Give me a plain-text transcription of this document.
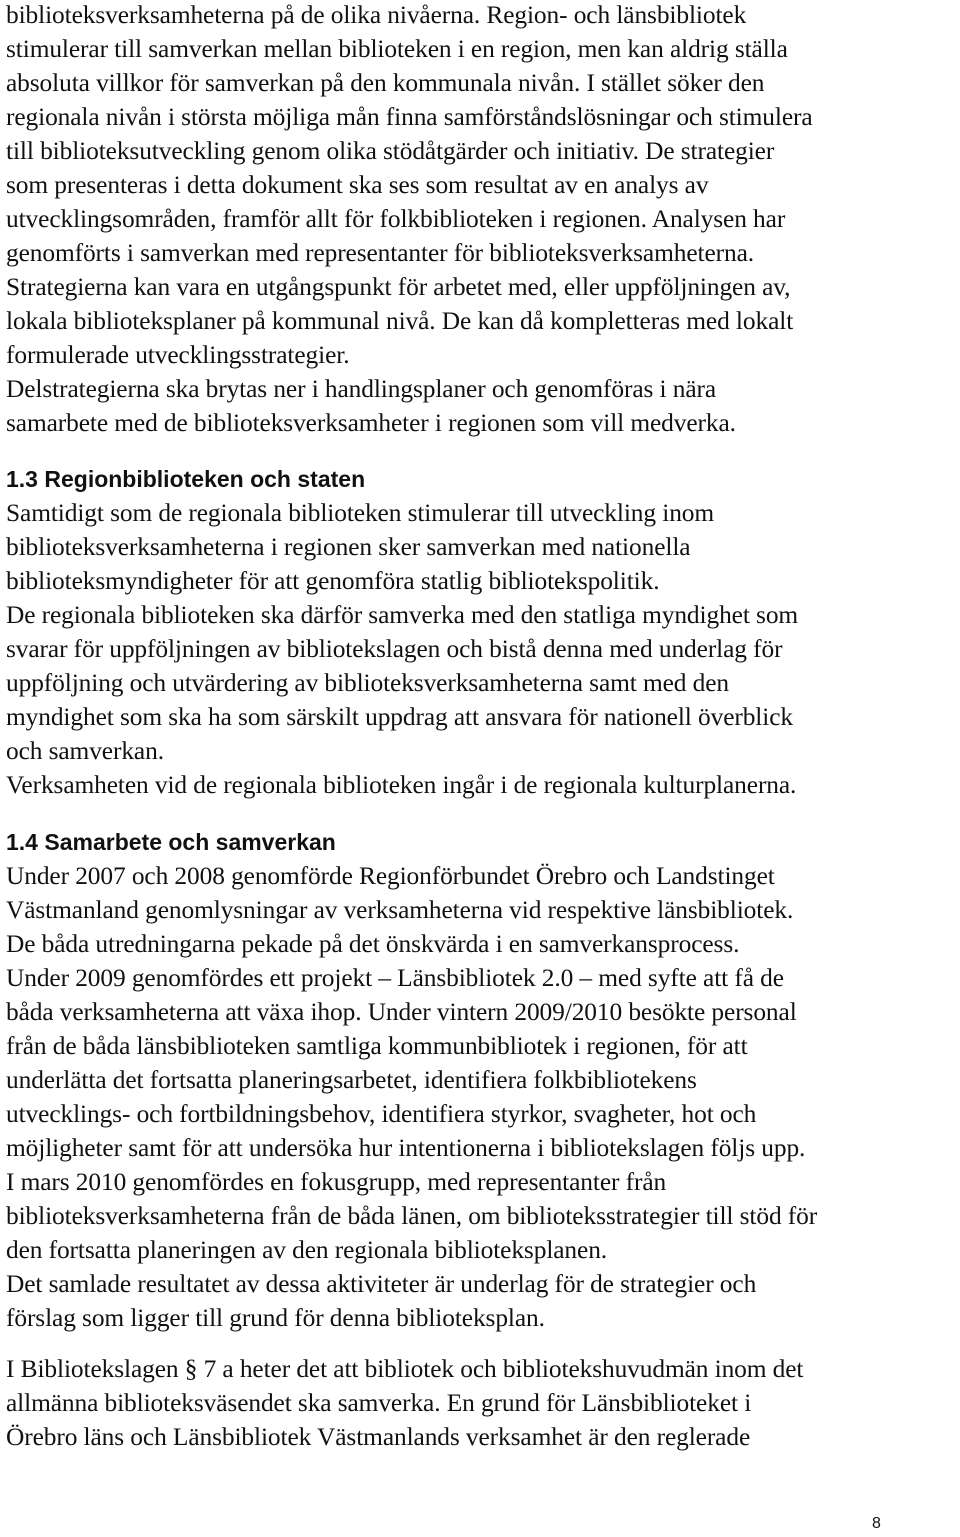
biblioteksverksamheterna på de olika nivåerna. Region- och länsbibliotek
stimulerar till samverkan mellan biblioteken i en region, men kan aldrig ställa
absoluta villkor för samverkan på den kommunala nivån. I stället söker den
regionala nivån i största möjliga mån finna samförståndslösningar och stimulera
till biblioteksutveckling genom olika stödåtgärder och initiativ. De strategier
som presenteras i detta dokument ska ses som resultat av en analys av
utvecklingsområden, framför allt för folkbiblioteken i regionen. Analysen har
genomförts i samverkan med representanter för biblioteksverksamheterna.
Strategierna kan vara en utgångspunkt för arbetet med, eller uppföljningen av,
lokala biblioteksplaner på kommunal nivå. De kan då kompletteras med lokalt
formulerade utvecklingsstrategier.
Delstrategierna ska brytas ner i handlingsplaner och genomföras i nära
samarbete med de biblioteksverksamheter i regionen som vill medverka.

1.3 Regionbiblioteken och staten

Samtidigt som de regionala biblioteken stimulerar till utveckling inom
biblioteksverksamheterna i regionen sker samverkan med nationella
biblioteksmyndigheter för att genomföra statlig bibliotekspolitik.
De regionala biblioteken ska därför samverka med den statliga myndighet som
svarar för uppföljningen av bibliotekslagen och bistå denna med underlag för
uppföljning och utvärdering av biblioteksverksamheterna samt med den
myndighet som ska ha som särskilt uppdrag att ansvara för nationell överblick
och samverkan.
Verksamheten vid de regionala biblioteken ingår i de regionala kulturplanerna.

1.4 Samarbete och samverkan

Under 2007 och 2008 genomförde Regionförbundet Örebro och Landstinget
Västmanland genomlysningar av verksamheterna vid respektive länsbibliotek.
De båda utredningarna pekade på det önskvärda i en samverkansprocess.
Under 2009 genomfördes ett projekt – Länsbibliotek 2.0 – med syfte att få de
båda verksamheterna att växa ihop. Under vintern 2009/2010 besökte personal
från de båda länsbiblioteken samtliga kommunbibliotek i regionen, för att
underlätta det fortsatta planeringsarbetet, identifiera folkbibliotekens
utvecklings- och fortbildningsbehov, identifiera styrkor, svagheter, hot och
möjligheter samt för att undersöka hur intentionerna i bibliotekslagen följs upp.
I mars 2010 genomfördes en fokusgrupp, med representanter från
biblioteksverksamheterna från de båda länen, om biblioteksstrategier till stöd för
den fortsatta planeringen av den regionala biblioteksplanen.
Det samlade resultatet av dessa aktiviteter är underlag för de strategier och
förslag som ligger till grund för denna biblioteksplan.

I Bibliotekslagen § 7 a heter det att bibliotek och bibliotekshuvudmän inom det
allmänna biblioteksväsendet ska samverka. En grund för Länsbiblioteket i
Örebro läns och Länsbibliotek Västmanlands verksamhet är den reglerade

8
